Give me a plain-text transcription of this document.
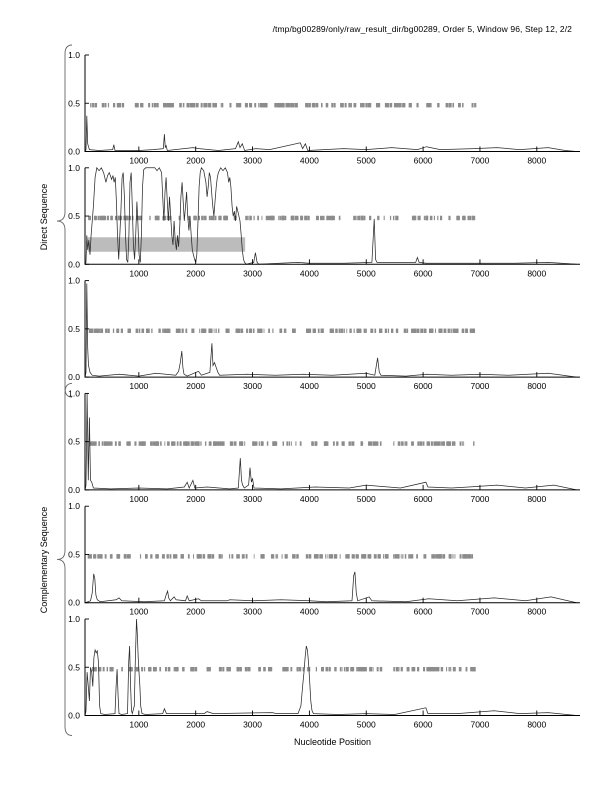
/tmp/bg00289/only/raw_result_dir/bg00289, Order 5, Window 96, Step 12, 2/2
1000	2000	3000	4000	5000	6000	7000	8000
0.0
0.5
1.0
1000	2000	3000	4000	5000	6000	7000	8000
0.0
0.5
1.0
1000	2000	3000	4000	5000	6000	7000	8000
0.0
0.5
1.0
1000	2000	3000	4000	5000	6000	7000	8000
0.0
0.5
1.0
1000	2000	3000	4000	5000	6000	7000	8000
0.0
0.5
1.0
1000	2000	3000	4000	5000	6000	7000	8000
0.0
0.5
1.0
Direct Sequence
Complementary Sequence
Nucleotide Position
